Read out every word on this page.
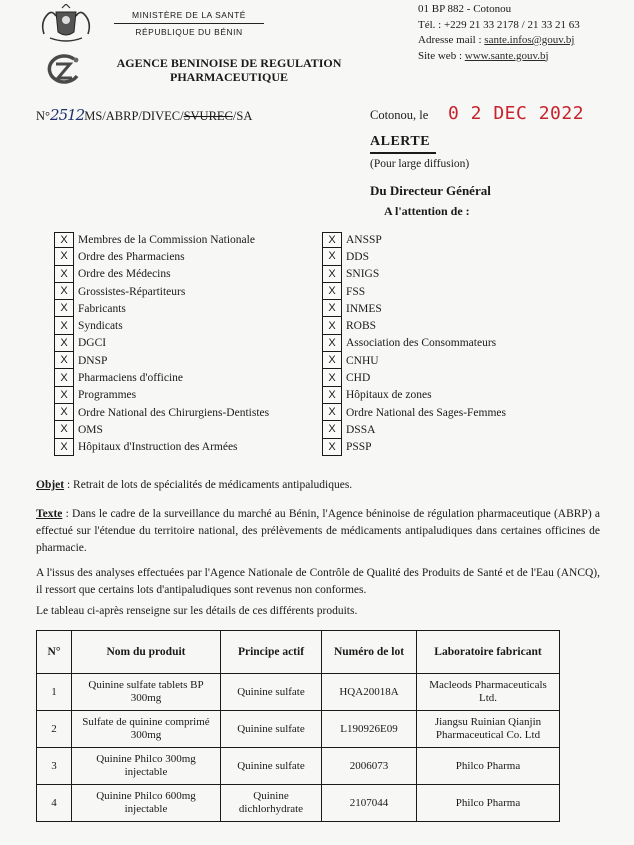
MINISTÈRE DE LA SANTÉ
RÉPUBLIQUE DU BÉNIN
AGENCE BENINOISE DE REGULATION
PHARMACEUTIQUE
01 BP 882 - Cotonou
Tél. : +229 21 33 2178 / 21 33 21 63
Adresse mail : sante.infos@gouv.bj
Site web : www.sante.gouv.bj
N°2512MS/ABRP/DIVEC/SVUREC/SA	Cotonou, le 0 2 DEC 2022
ALERTE
(Pour large diffusion)
Du Directeur Général
A l'attention de :
X Membres de la Commission Nationale
X Ordre des Pharmaciens
X Ordre des Médecins
X Grossistes-Répartiteurs
X Fabricants
X Syndicats
X DGCI
X DNSP
X Pharmaciens d'officine
X Programmes
X Ordre National des Chirurgiens-Dentistes
X OMS
X Hôpitaux d'Instruction des Armées
X ANSSP
X DDS
X SNIGS
X FSS
X INMES
X ROBS
X Association des Consommateurs
X CNHU
X CHD
X Hôpitaux de zones
X Ordre National des Sages-Femmes
X DSSA
X PSSP
Objet : Retrait de lots de spécialités de médicaments antipaludiques.
Texte : Dans le cadre de la surveillance du marché au Bénin, l'Agence béninoise de régulation pharmaceutique (ABRP) a effectué sur l'étendue du territoire national, des prélèvements de médicaments antipaludiques dans certaines officines de pharmacie.
A l'issus des analyses effectuées par l'Agence Nationale de Contrôle de Qualité des Produits de Santé et de l'Eau (ANCQ), il ressort que certains lots d'antipaludiques sont revenus non conformes.
Le tableau ci-après renseigne sur les détails de ces différents produits.
N°	Nom du produit	Principe actif	Numéro de lot	Laboratoire fabricant
1	Quinine sulfate tablets BP 300mg	Quinine sulfate	HQA20018A	Macleods Pharmaceuticals Ltd.
2	Sulfate de quinine comprimé 300mg	Quinine sulfate	L190926E09	Jiangsu Ruinian Qianjin Pharmaceutical Co. Ltd
3	Quinine Philco 300mg injectable	Quinine sulfate	2006073	Philco Pharma
4	Quinine Philco 600mg injectable	Quinine dichlorhydrate	2107044	Philco Pharma
